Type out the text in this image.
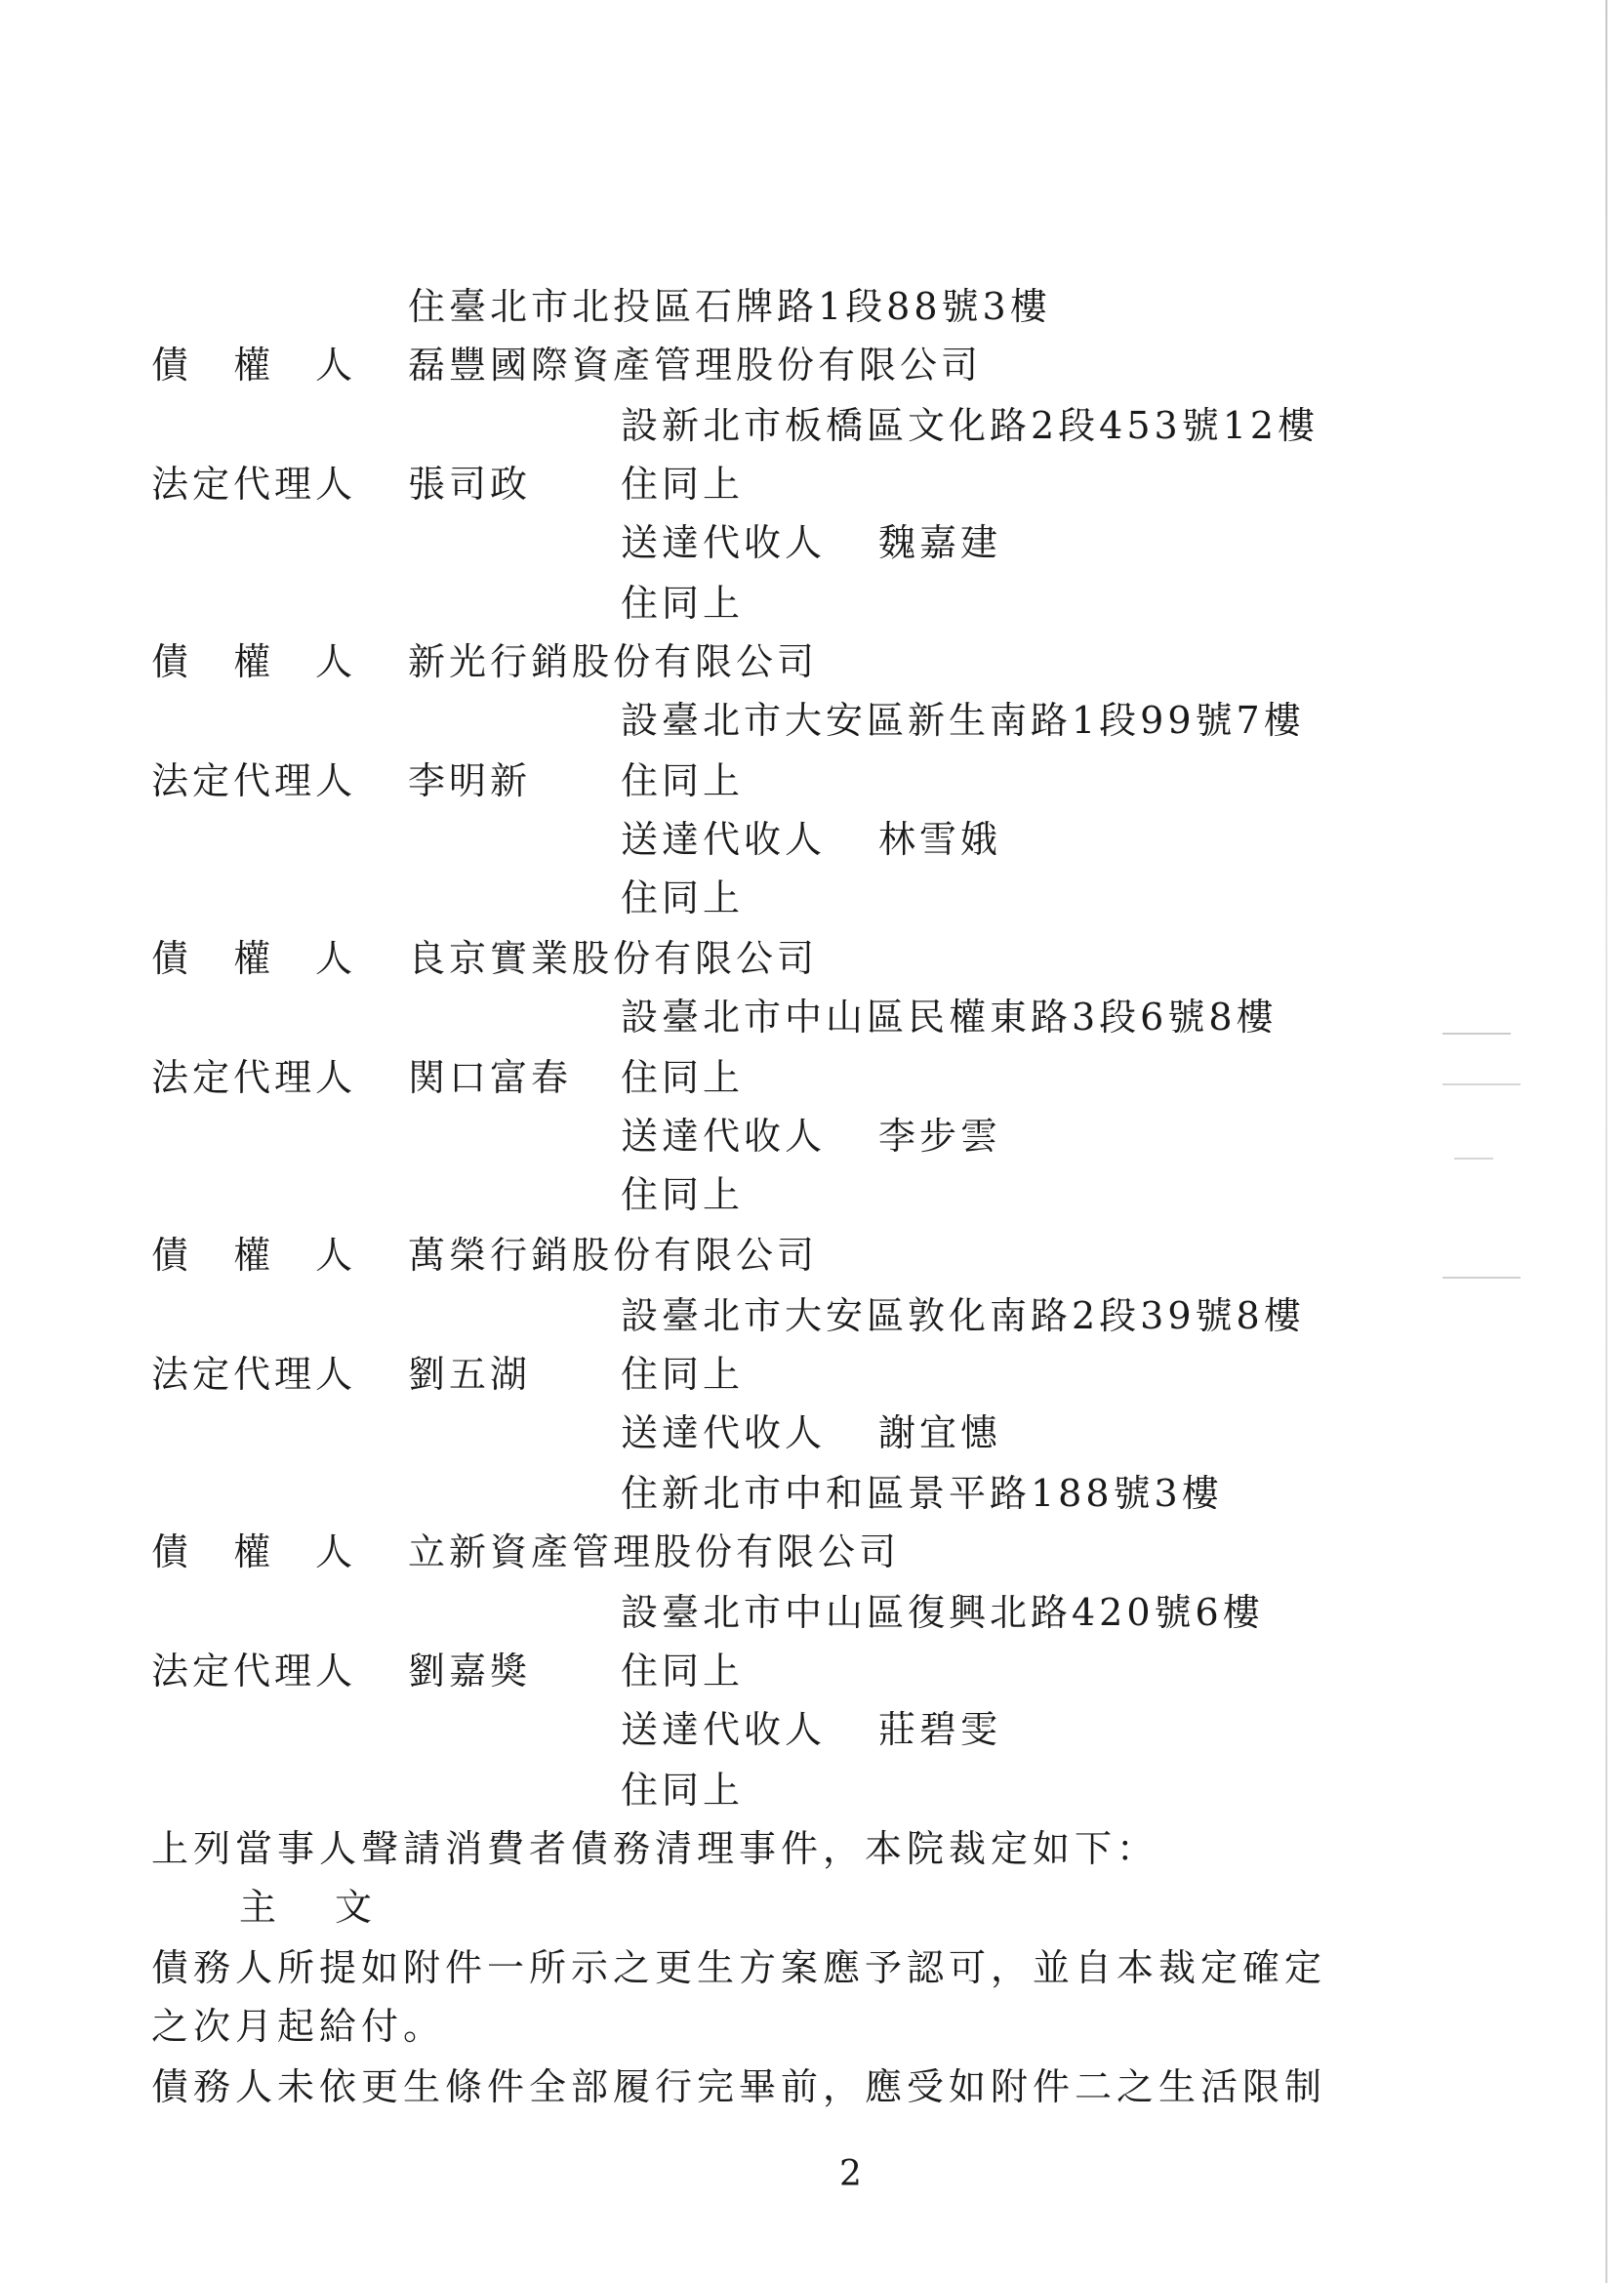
住臺北市北投區石牌路1段88號3樓
債　權　人 磊豐國際資產管理股份有限公司
設新北市板橋區文化路2段453號12樓
法定代理人 張司政 住同上
送達代收人 魏嘉建
住同上
債　權　人 新光行銷股份有限公司
設臺北市大安區新生南路1段99號7樓
法定代理人 李明新 住同上
送達代收人 林雪娥
住同上
債　權　人 良京實業股份有限公司
設臺北市中山區民權東路3段6號8樓
法定代理人 関口富春 住同上
送達代收人 李步雲
住同上
債　權　人 萬榮行銷股份有限公司
設臺北市大安區敦化南路2段39號8樓
法定代理人 劉五湖 住同上
送達代收人 謝宜憓
住新北市中和區景平路188號3樓
債　權　人 立新資產管理股份有限公司
設臺北市中山區復興北路420號6樓
法定代理人 劉嘉獎 住同上
送達代收人 莊碧雯
住同上
上列當事人聲請消費者債務清理事件，本院裁定如下：
主文
債務人所提如附件一所示之更生方案應予認可，並自本裁定確定
之次月起給付。
債務人未依更生條件全部履行完畢前，應受如附件二之生活限制
2
